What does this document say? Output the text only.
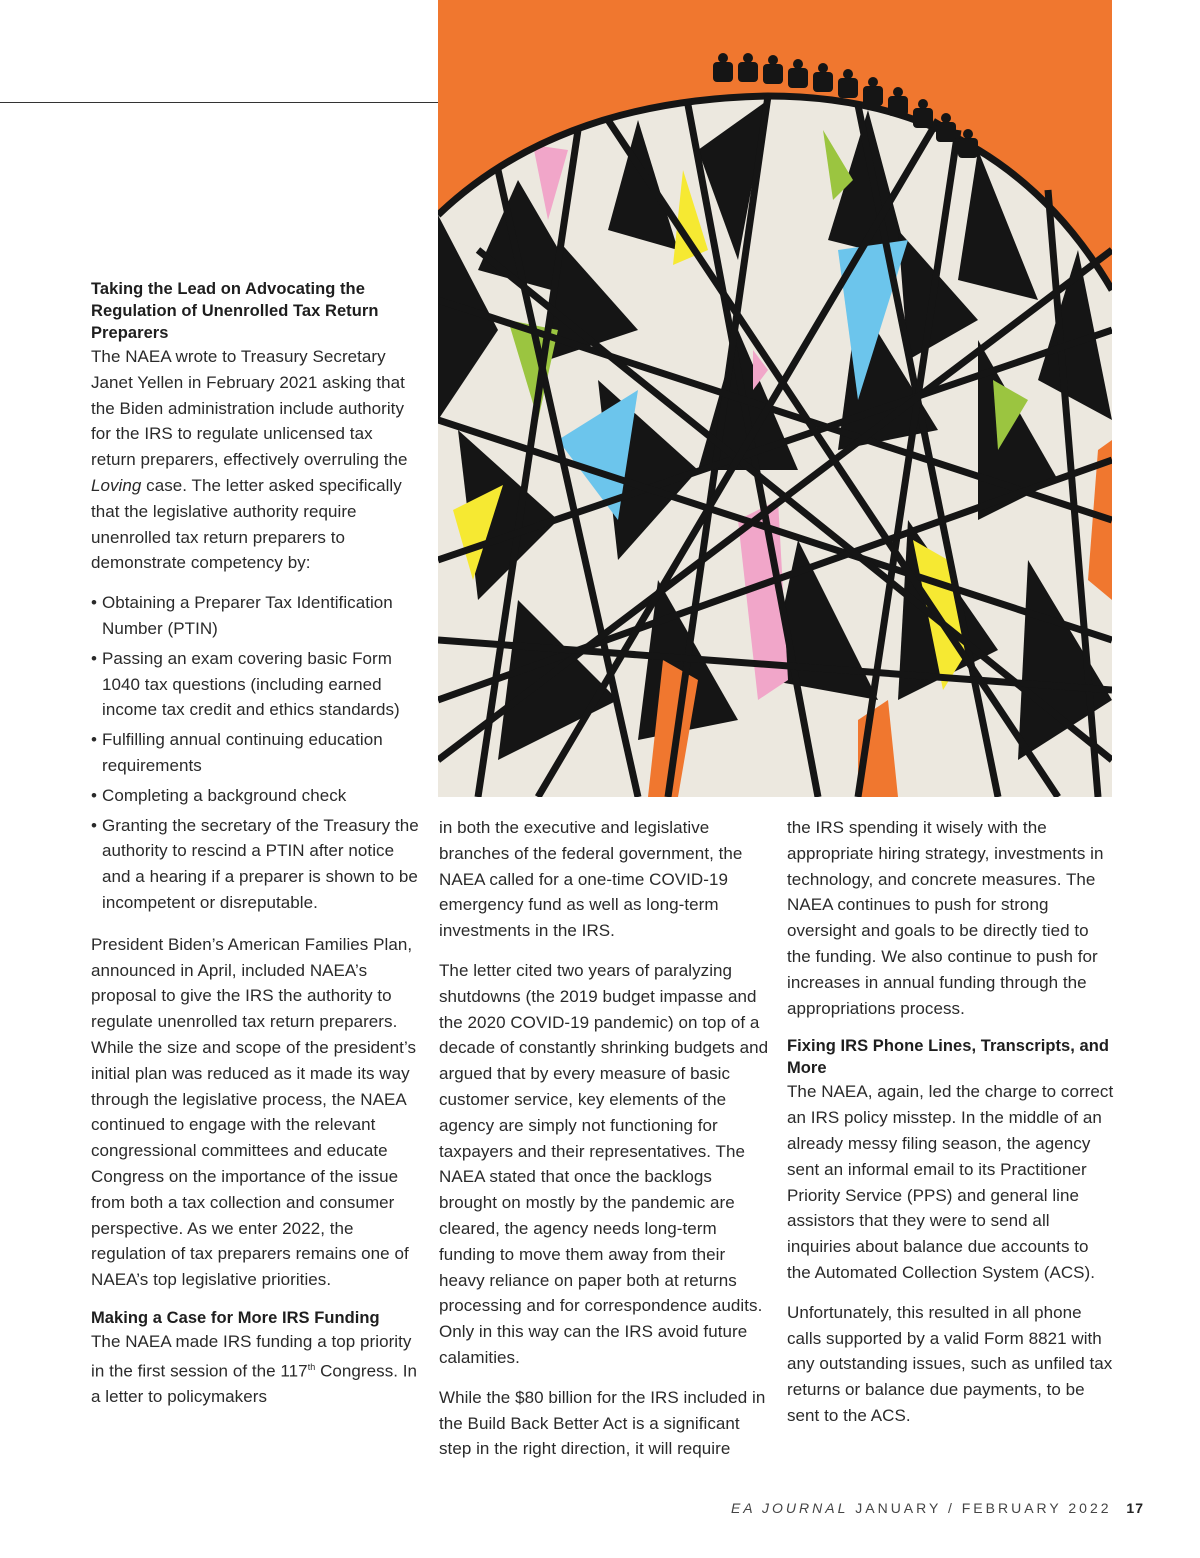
Taking the Lead on Advocating the Regulation of Unenrolled Tax Return Preparers

The NAEA wrote to Treasury Secretary Janet Yellen in February 2021 asking that the Biden administration include authority for the IRS to regulate unlicensed tax return preparers, effectively overruling the Loving case. The letter asked specifically that the legislative authority require unenrolled tax return preparers to demonstrate competency by:

• Obtaining a Preparer Tax Identification Number (PTIN)
• Passing an exam covering basic Form 1040 tax questions (including earned income tax credit and ethics standards)
• Fulfilling annual continuing education requirements
• Completing a background check
• Granting the secretary of the Treasury the authority to rescind a PTIN after notice and a hearing if a preparer is shown to be incompetent or disreputable.

President Biden’s American Families Plan, announced in April, included NAEA’s proposal to give the IRS the authority to regulate unenrolled tax return preparers. While the size and scope of the president’s initial plan was reduced as it made its way through the legislative process, the NAEA continued to engage with the relevant congressional committees and educate Congress on the importance of the issue from both a tax collection and consumer perspective. As we enter 2022, the regulation of tax preparers remains one of NAEA’s top legislative priorities.

Making a Case for More IRS Funding

The NAEA made IRS funding a top priority in the first session of the 117th Congress. In a letter to policymakers

in both the executive and legislative branches of the federal government, the NAEA called for a one-time COVID-19 emergency fund as well as long-term investments in the IRS.

The letter cited two years of paralyzing shutdowns (the 2019 budget impasse and the 2020 COVID-19 pandemic) on top of a decade of constantly shrinking budgets and argued that by every measure of basic customer service, key elements of the agency are simply not functioning for taxpayers and their representatives. The NAEA stated that once the backlogs brought on mostly by the pandemic are cleared, the agency needs long-term funding to move them away from their heavy reliance on paper both at returns processing and for correspondence audits. Only in this way can the IRS avoid future calamities.

While the $80 billion for the IRS included in the Build Back Better Act is a significant step in the right direction, it will require

the IRS spending it wisely with the appropriate hiring strategy, investments in technology, and concrete measures. The NAEA continues to push for strong oversight and goals to be directly tied to the funding. We also continue to push for increases in annual funding through the appropriations process.

Fixing IRS Phone Lines, Transcripts, and More

The NAEA, again, led the charge to correct an IRS policy misstep. In the middle of an already messy filing season, the agency sent an informal email to its Practitioner Priority Service (PPS) and general line assistors that they were to send all inquiries about balance due accounts to the Automated Collection System (ACS).

Unfortunately, this resulted in all phone calls supported by a valid Form 8821 with any outstanding issues, such as unfiled tax returns or balance due payments, to be sent to the ACS.

EA JOURNAL JANUARY / FEBRUARY 2022 17
